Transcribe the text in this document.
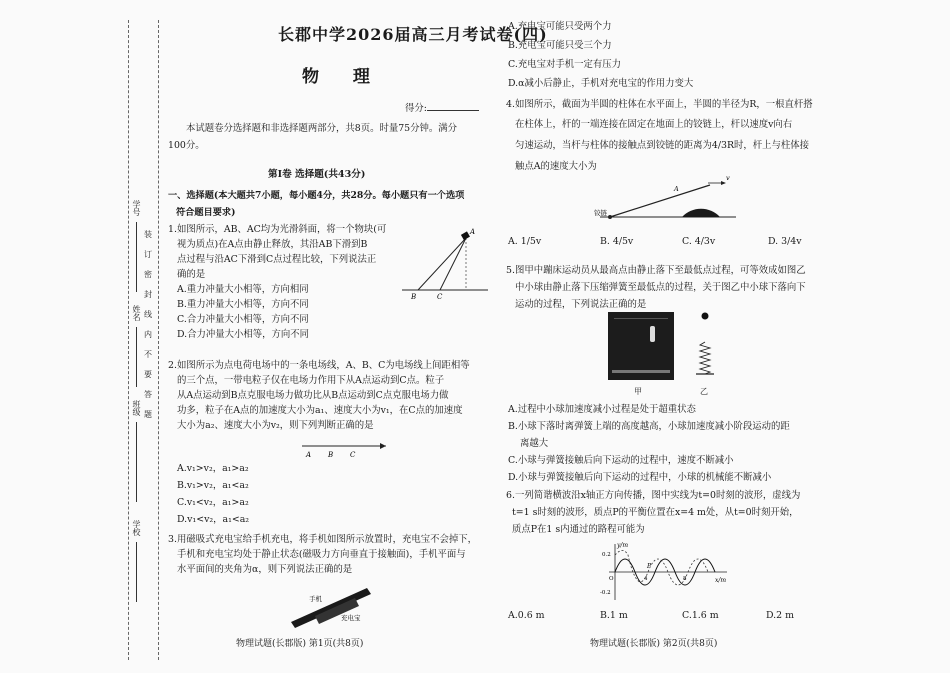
学号
姓名
班级
学校
装
订
密
封
线
内
不
要
答
题
长郡中学2026届高三月考试卷(四)
物 理
得分:
本试题卷分选择题和非选择题两部分，共8页。时量75分钟。满分
100分。
第Ⅰ卷 选择题(共43分)
一、选择题(本大题共7小题，每小题4分，共28分。每小题只有一个选项
符合题目要求)
1.如图所示，AB、AC均为光滑斜面，将一个物块(可
视为质点)在A点由静止释放，其沿AB下滑到B
点过程与沿AC下滑到C点过程比较，下列说法正
确的是
A.重力冲量大小相等，方向相同
B.重力冲量大小相等，方向不同
C.合力冲量大小相等，方向不同
D.合力冲量大小相等，方向不同
A
B	C
2.如图所示为点电荷电场中的一条电场线，A、B、C为电场线上间距相等
的三个点，一带电粒子仅在电场力作用下从A点运动到C点。粒子
从A点运动到B点克服电场力做功比从B点运动到C点克服电场力做
功多，粒子在A点的加速度大小为a₁、速度大小为v₁，在C点的加速度
大小为a₂、速度大小为v₂，则下列判断正确的是
A B C
A.v₁>v₂，a₁>a₂
B.v₁>v₂，a₁<a₂
C.v₁<v₂，a₁>a₂
D.v₁<v₂，a₁<a₂
3.用磁吸式充电宝给手机充电，将手机如图所示放置时，充电宝不会掉下，
手机和充电宝均处于静止状态(磁吸力方向垂直于接触面)，手机平面与
水平面间的夹角为α，则下列说法正确的是
手机
充电宝
物理试题(长郡版) 第1页(共8页)
A.充电宝可能只受两个力
B.充电宝可能只受三个力
C.充电宝对手机一定有压力
D.α减小后静止，手机对充电宝的作用力变大
4.如图所示，截面为半圆的柱体在水平面上，半圆的半径为R，一根直杆搭
在柱体上，杆的一端连接在固定在地面上的铰链上，杆以速度v向右
匀速运动，当杆与柱体的接触点到铰链的距离为4/3R时，杆上与柱体接
触点A的速度大小为
铰链
A
v
A. 1/5v	B. 4/5v	C. 4/3v	D. 3/4v
5.图甲中蹦床运动员从最高点由静止落下至最低点过程，可等效成如图乙
中小球由静止落下压缩弹簧至最低点的过程，关于图乙中小球下落向下
运动的过程，下列说法正确的是
甲	乙
A.过程中小球加速度减小过程是处于超重状态
B.小球下落时离弹簧上端的高度越高，小球加速度减小阶段运动的距
离越大
C.小球与弹簧接触后向下运动的过程中，速度不断减小
D.小球与弹簧接触后向下运动的过程中，小球的机械能不断减小
6.一列简谐横波沿x轴正方向传播，图中实线为t=0时刻的波形，虚线为
t=1 s时刻的波形，质点P的平衡位置在x=4 m处，从t=0时刻开始，
质点P在1 s内通过的路程可能为
y/m
x/m
0.2
-0.2
O	4	8
P
A.0.6 m	B.1 m	C.1.6 m	D.2 m
物理试题(长郡版) 第2页(共8页)
